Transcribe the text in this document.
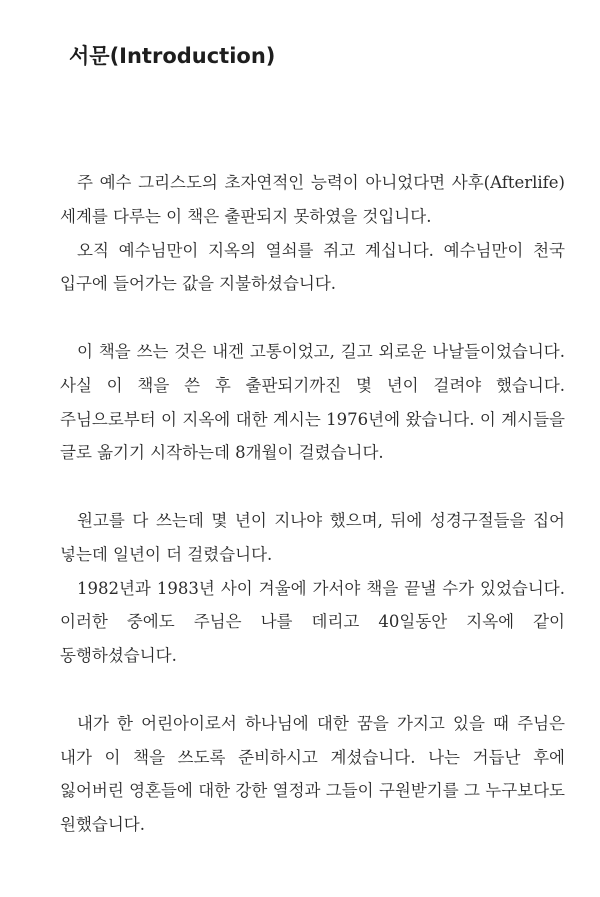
서문(Introduction)

주 예수 그리스도의 초자연적인 능력이 아니었다면 사후(Afterlife) 세계를 다루는 이 책은 출판되지 못하였을 것입니다.

오직 예수님만이 지옥의 열쇠를 쥐고 계십니다. 예수님만이 천국 입구에 들어가는 값을 지불하셨습니다.

이 책을 쓰는 것은 내겐 고통이었고, 길고 외로운 나날들이었습니다. 사실 이 책을 쓴 후 출판되기까진 몇 년이 걸려야 했습니다. 주님으로부터 이 지옥에 대한 계시는 1976년에 왔습니다. 이 계시들을 글로 옮기기 시작하는데 8개월이 걸렸습니다.

원고를 다 쓰는데 몇 년이 지나야 했으며, 뒤에 성경구절들을 집어 넣는데 일년이 더 걸렸습니다.

1982년과 1983년 사이 겨울에 가서야 책을 끝낼 수가 있었습니다. 이러한 중에도 주님은 나를 데리고 40일동안 지옥에 같이 동행하셨습니다.

내가 한 어린아이로서 하나님에 대한 꿈을 가지고 있을 때 주님은 내가 이 책을 쓰도록 준비하시고 계셨습니다. 나는 거듭난 후에 잃어버린 영혼들에 대한 강한 열정과 그들이 구원받기를 그 누구보다도 원했습니다.
